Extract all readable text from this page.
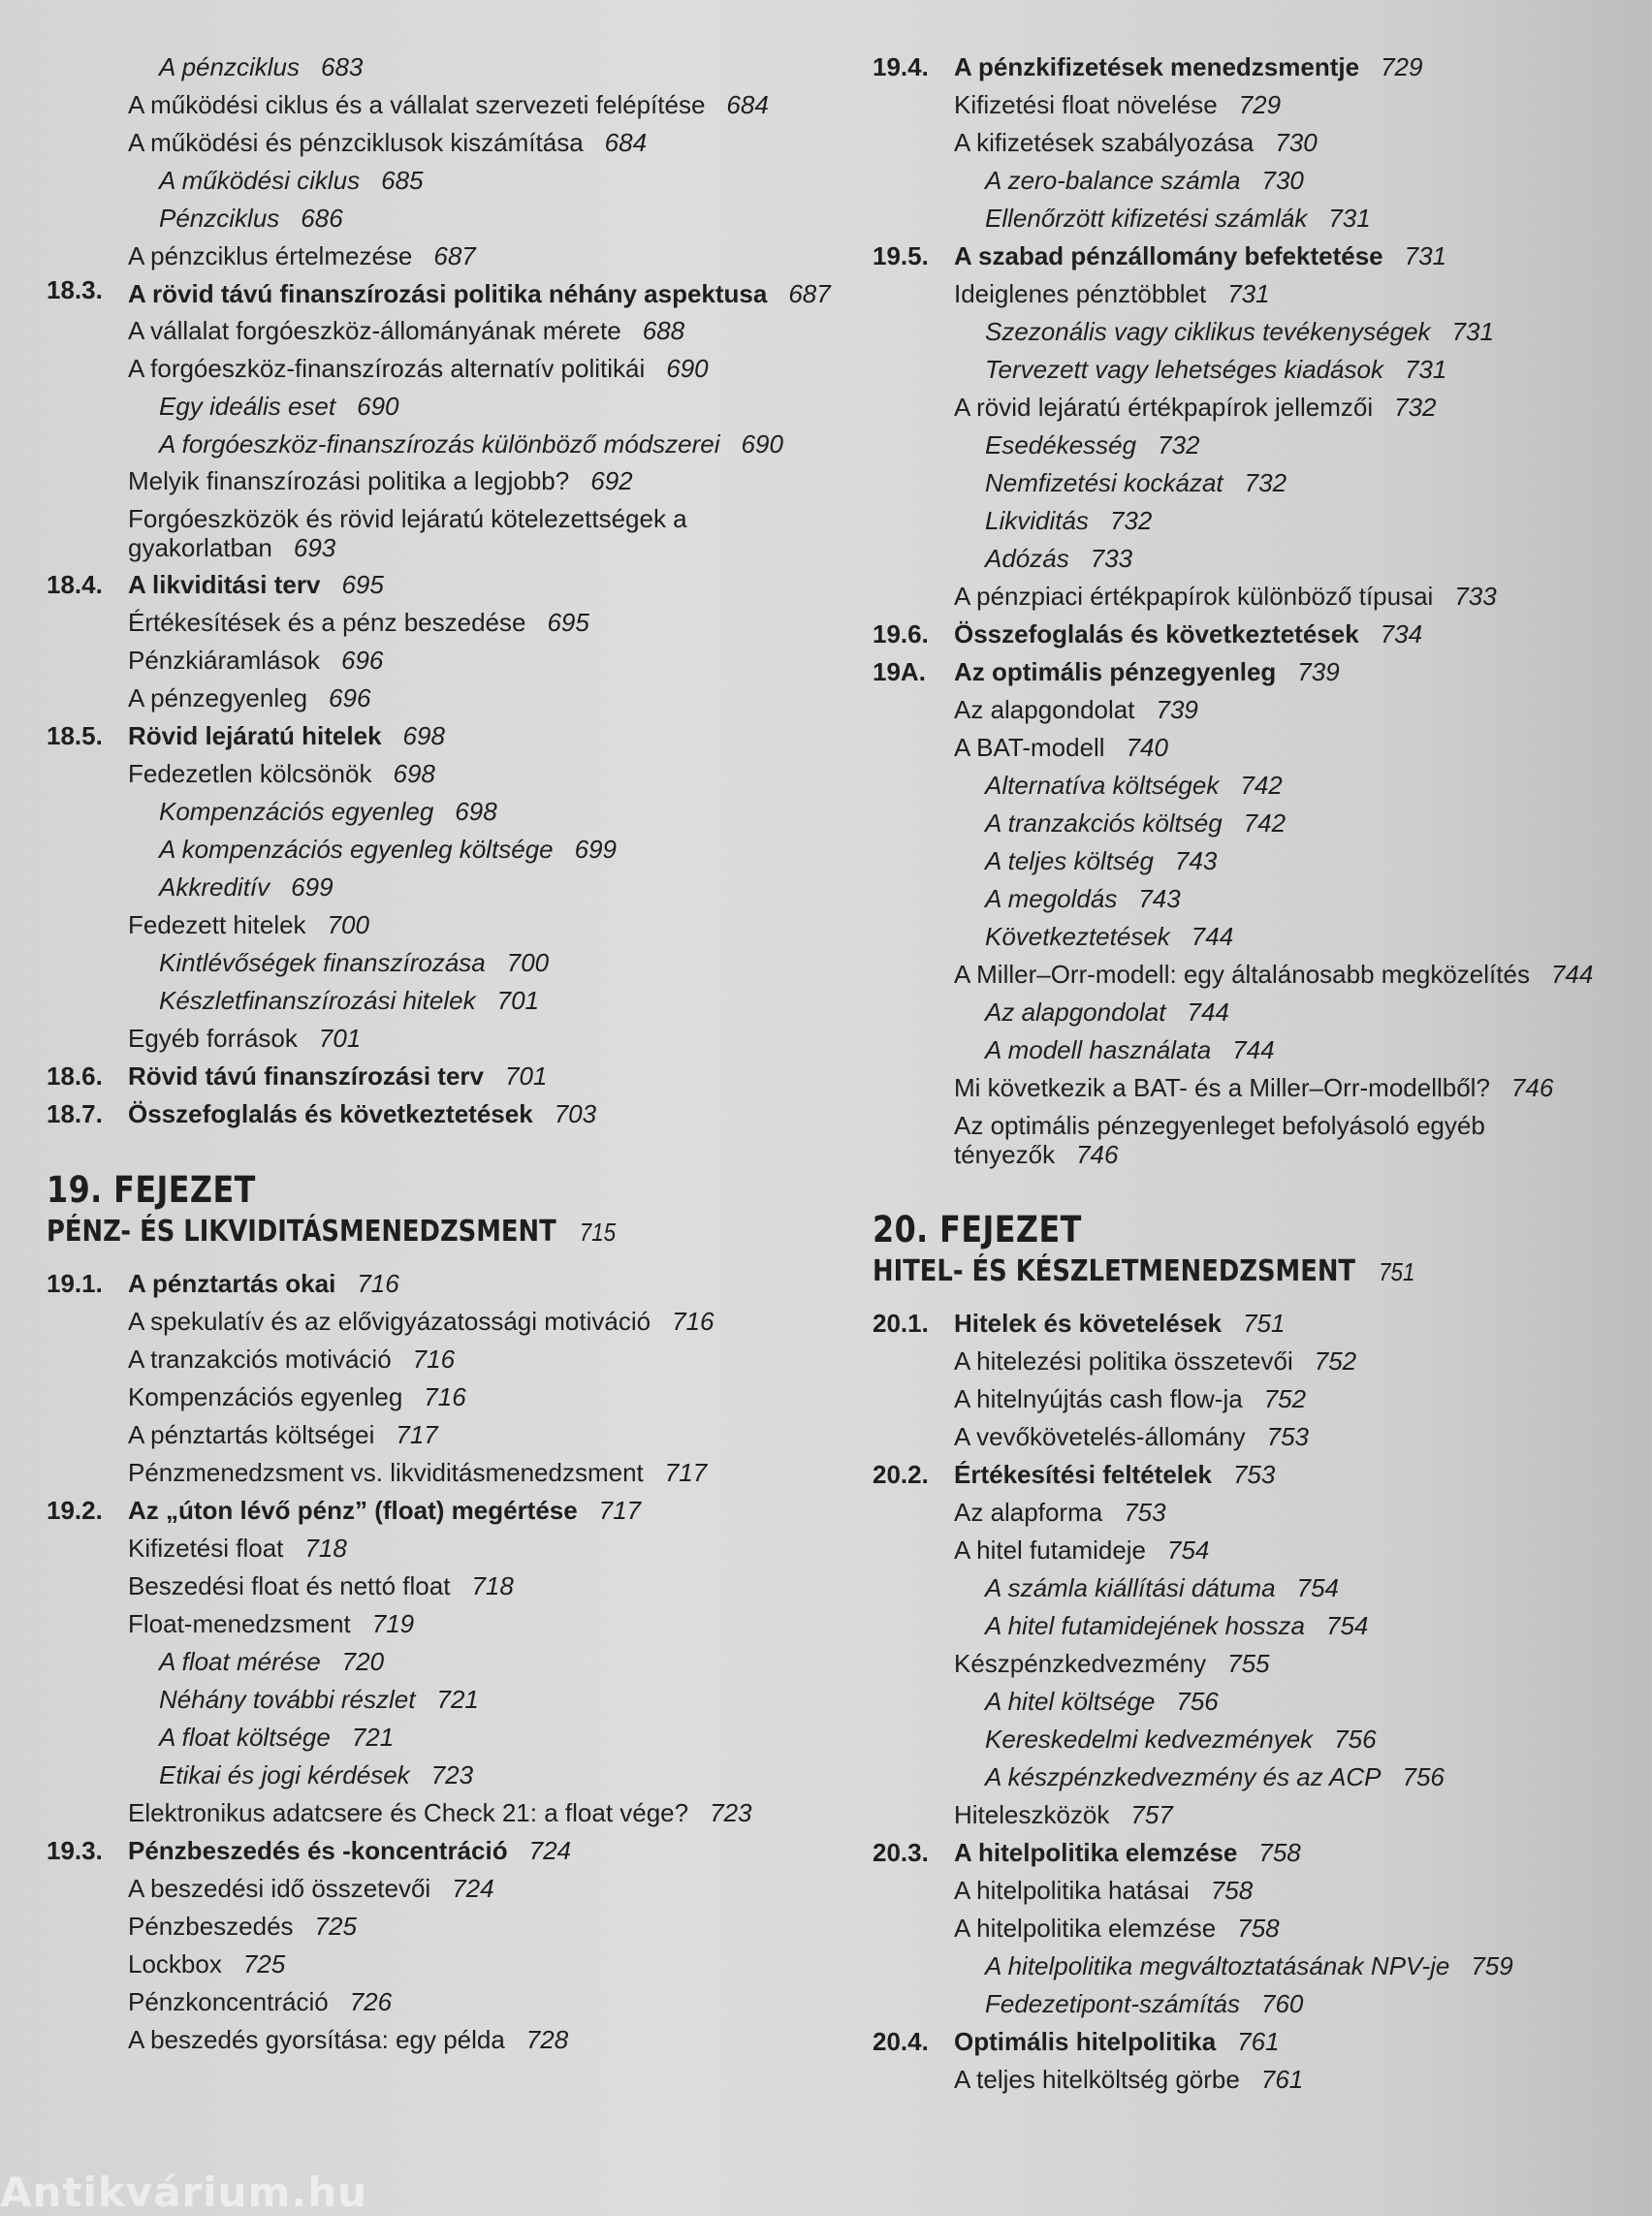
A pénzciklus 683
A működési ciklus és a vállalat szervezeti felépítése 684
A működési és pénzciklusok kiszámítása 684
A működési ciklus 685
Pénzciklus 686
A pénzciklus értelmezése 687
18.3. A rövid távú finanszírozási politika néhány aspektusa 687
A vállalat forgóeszköz-állományának mérete 688
A forgóeszköz-finanszírozás alternatív politikái 690
Egy ideális eset 690
A forgóeszköz-finanszírozás különböző módszerei 690
Melyik finanszírozási politika a legjobb? 692
Forgóeszközök és rövid lejáratú kötelezettségek a gyakorlatban 693
18.4. A likviditási terv 695
Értékesítések és a pénz beszedése 695
Pénzkiáramlások 696
A pénzegyenleg 696
18.5. Rövid lejáratú hitelek 698
Fedezetlen kölcsönök 698
Kompenzációs egyenleg 698
A kompenzációs egyenleg költsége 699
Akkreditív 699
Fedezett hitelek 700
Kintlévőségek finanszírozása 700
Készletfinanszírozási hitelek 701
Egyéb források 701
18.6. Rövid távú finanszírozási terv 701
18.7. Összefoglalás és következtetések 703
19. FEJEZET
PÉNZ- ÉS LIKVIDITÁSMENEDZSMENT 715
19.1. A pénztartás okai 716
A spekulatív és az elővigyázatossági motiváció 716
A tranzakciós motiváció 716
Kompenzációs egyenleg 716
A pénztartás költségei 717
Pénzmenedzsment vs. likviditásmenedzsment 717
19.2. Az „úton lévő pénz” (float) megértése 717
Kifizetési float 718
Beszedési float és nettó float 718
Float-menedzsment 719
A float mérése 720
Néhány további részlet 721
A float költsége 721
Etikai és jogi kérdések 723
Elektronikus adatcsere és Check 21: a float vége? 723
19.3. Pénzbeszedés és -koncentráció 724
A beszedési idő összetevői 724
Pénzbeszedés 725
Lockbox 725
Pénzkoncentráció 726
A beszedés gyorsítása: egy példa 728
19.4. A pénzkifizetések menedzsmentje 729
Kifizetési float növelése 729
A kifizetések szabályozása 730
A zero-balance számla 730
Ellenőrzött kifizetési számlák 731
19.5. A szabad pénzállomány befektetése 731
Ideiglenes pénztöbblet 731
Szezonális vagy ciklikus tevékenységek 731
Tervezett vagy lehetséges kiadások 731
A rövid lejáratú értékpapírok jellemzői 732
Esedékesség 732
Nemfizetési kockázat 732
Likviditás 732
Adózás 733
A pénzpiaci értékpapírok különböző típusai 733
19.6. Összefoglalás és következtetések 734
19A. Az optimális pénzegyenleg 739
Az alapgondolat 739
A BAT-modell 740
Alternatíva költségek 742
A tranzakciós költség 742
A teljes költség 743
A megoldás 743
Következtetések 744
A Miller–Orr-modell: egy általánosabb megközelítés 744
Az alapgondolat 744
A modell használata 744
Mi következik a BAT- és a Miller–Orr-modellből? 746
Az optimális pénzegyenleget befolyásoló egyéb tényezők 746
20. FEJEZET
HITEL- ÉS KÉSZLETMENEDZSMENT 751
20.1. Hitelek és követelések 751
A hitelezési politika összetevői 752
A hitelnyújtás cash flow-ja 752
A vevőkövetelés-állomány 753
20.2. Értékesítési feltételek 753
Az alapforma 753
A hitel futamideje 754
A számla kiállítási dátuma 754
A hitel futamidejének hossza 754
Készpénzkedvezmény 755
A hitel költsége 756
Kereskedelmi kedvezmények 756
A készpénzkedvezmény és az ACP 756
Hiteleszközök 757
20.3. A hitelpolitika elemzése 758
A hitelpolitika hatásai 758
A hitelpolitika elemzése 758
A hitelpolitika megváltoztatásának NPV-je 759
Fedezetipont-számítás 760
20.4. Optimális hitelpolitika 761
A teljes hitelköltség görbe 761
Antikvárium.hu
